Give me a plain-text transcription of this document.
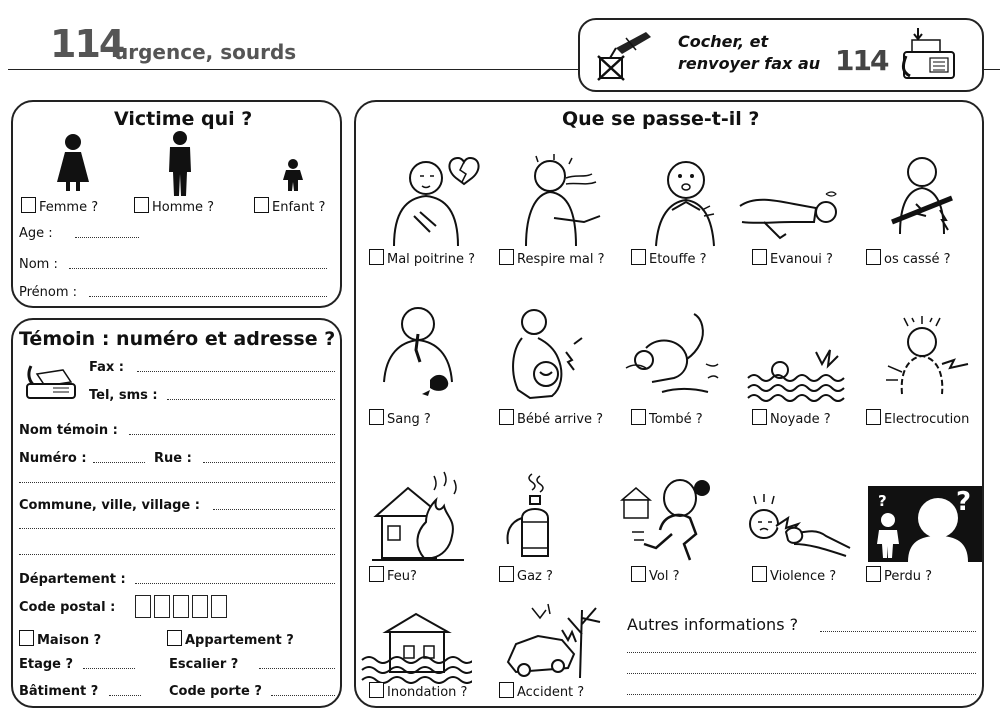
114
urgence, sourds	Cocher, et
renvoyer fax au 114
Victime qui ?
Femme ?	Homme ?	Enfant ?
Age :
Nom :
Prénom :
Témoin : numéro et adresse ?
Fax :
Tel, sms :
Nom témoin :
Numéro :	Rue :
Commune, ville, village :
Département :
Code postal :
Maison ?	Appartement ?
Etage ?	Escalier ?
Bâtiment ?	Code porte ?
Que se passe-t-il ?
Mal poitrine ?	Respire mal ?	Etouffe ?	Evanoui ?	os cassé ?
Sang ?	Bébé arrive ?	Tombé ?	Noyade ?	Electrocution
?	?
Feu?	Gaz ?	Vol ?	Violence ?	Perdu ?
Inondation ?	Accident ?
Autres informations ?
